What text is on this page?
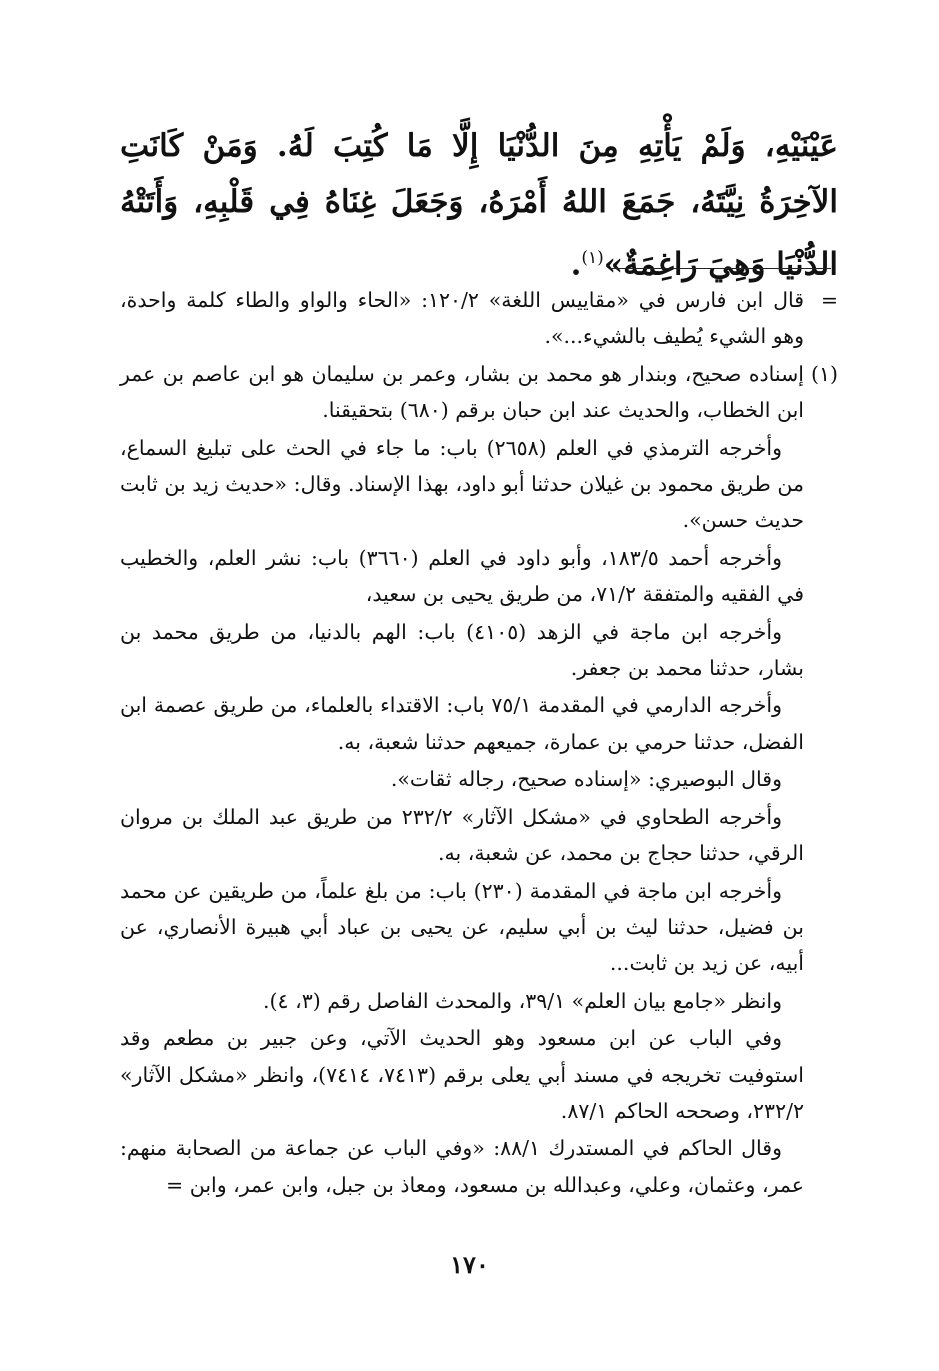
عَيْنَيْهِ، وَلَمْ يَأْتِهِ مِنَ الدُّنْيَا إِلَّا مَا كُتِبَ لَهُ. وَمَنْ كَانَتِ الآخِرَةُ نِيَّتَهُ، جَمَعَ اللهُ أَمْرَهُ، وَجَعَلَ غِنَاهُ فِي قَلْبِهِ، وَأَتَتْهُ الدُّنْيَا وَهِيَ رَاغِمَةٌ»$^{(١)}$.

=قال ابن فارس في «مقاييس اللغة» ١٢٠/٢: «الحاء والواو والطاء كلمة واحدة، وهو الشيء يُطيف بالشيء...».

(١)إسناده صحيح، وبندار هو محمد بن بشار، وعمر بن سليمان هو ابن عاصم بن عمر ابن الخطاب، والحديث عند ابن حبان برقم (٦٨٠) بتحقيقنا.

وأخرجه الترمذي في العلم (٢٦٥٨) باب: ما جاء في الحث على تبليغ السماع، من طريق محمود بن غيلان حدثنا أبو داود، بهذا الإسناد. وقال: «حديث زيد بن ثابت حديث حسن».

وأخرجه أحمد ١٨٣/٥، وأبو داود في العلم (٣٦٦٠) باب: نشر العلم، والخطيب في الفقيه والمتفقة ٧١/٢، من طريق يحيى بن سعيد،

وأخرجه ابن ماجة في الزهد (٤١٠٥) باب: الهم بالدنيا، من طريق محمد بن بشار، حدثنا محمد بن جعفر.

وأخرجه الدارمي في المقدمة ٧٥/١ باب: الاقتداء بالعلماء، من طريق عصمة ابن الفضل، حدثنا حرمي بن عمارة، جميعهم حدثنا شعبة، به.

وقال البوصيري: «إسناده صحيح، رجاله ثقات».

وأخرجه الطحاوي في «مشكل الآثار» ٢٣٢/٢ من طريق عبد الملك بن مروان الرقي، حدثنا حجاج بن محمد، عن شعبة، به.

وأخرجه ابن ماجة في المقدمة (٢٣٠) باب: من بلغ علماً، من طريقين عن محمد بن فضيل، حدثنا ليث بن أبي سليم، عن يحيى بن عباد أبي هبيرة الأنصاري، عن أبيه، عن زيد بن ثابت...

وانظر «جامع بيان العلم» ٣٩/١، والمحدث الفاصل رقم (٣، ٤).

وفي الباب عن ابن مسعود وهو الحديث الآتي، وعن جبير بن مطعم وقد استوفيت تخريجه في مسند أبي يعلى برقم (٧٤١٣، ٧٤١٤)، وانظر «مشكل الآثار» ٢٣٢/٢، وصححه الحاكم ٨٧/١.

وقال الحاكم في المستدرك ٨٨/١: «وفي الباب عن جماعة من الصحابة منهم: عمر، وعثمان، وعلي، وعبدالله بن مسعود، ومعاذ بن جبل، وابن عمر، وابن =

١٧٠
